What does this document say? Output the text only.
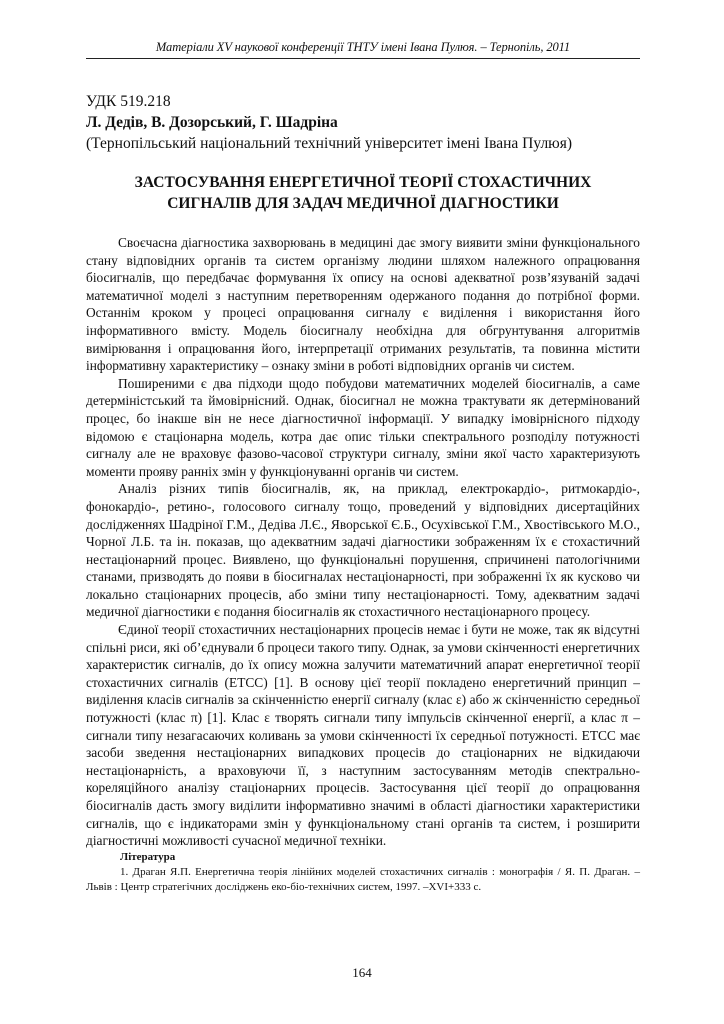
Матеріали XV наукової конференції ТНТУ імені Івана Пулюя. – Тернопіль, 2011
УДК 519.218
Л. Дедів, В. Дозорський, Г. Шадріна
(Тернопільський національний технічний університет імені Івана Пулюя)
ЗАСТОСУВАННЯ ЕНЕРГЕТИЧНОЇ ТЕОРІЇ СТОХАСТИЧНИХ СИГНАЛІВ ДЛЯ ЗАДАЧ МЕДИЧНОЇ ДІАГНОСТИКИ

Своєчасна діагностика захворювань в медицині дає змогу виявити зміни функціонального стану відповідних органів та систем організму людини шляхом належного опрацювання біосигналів, що передбачає формування їх опису на основі адекватної розв’язуваній задачі математичної моделі з наступним перетворенням одержаного подання до потрібної форми. Останнім кроком у процесі опрацювання сигналу є виділення і використання його інформативного вмісту. Модель біосигналу необхідна для обгрунтування алгоритмів вимірювання і опрацювання його, інтерпретації отриманих результатів, та повинна містити інформативну характеристику – ознаку зміни в роботі відповідних органів чи систем.

Поширеними є два підходи щодо побудови математичних моделей біосигналів, а саме детерміністський та ймовірнісний. Однак, біосигнал не можна трактувати як детермінований процес, бо інакше він не несе діагностичної інформації. У випадку імовірнісного підходу відомою є стаціонарна модель, котра дає опис тільки спектрального розподілу потужності сигналу але не враховує фазово-часової структури сигналу, зміни якої часто характеризують моменти прояву ранніх змін у функціонуванні органів чи систем.

Аналіз різних типів біосигналів, як, на приклад, електрокардіо-, ритмокардіо-, фонокардіо-, ретино-, голосового сигналу тощо, проведений у відповідних дисертаційних дослідженнях Шадріної Г.М., Дедіва Л.Є., Яворської Є.Б., Осухівської Г.М., Хвостівського М.О., Чорної Л.Б. та ін. показав, що адекватним задачі діагностики зображенням їх є стохастичний нестаціонарний процес. Виявлено, що функціональні порушення, спричинені патологічними станами, призводять до появи в біосигналах нестаціонарності, при зображенні їх як кусково чи локально стаціонарних процесів, або зміни типу нестаціонарності. Тому, адекватним задачі медичної діагностики є подання біосигналів як стохастичного нестаціонарного процесу.

Єдиної теорії стохастичних нестаціонарних процесів немає і бути не може, так як відсутні спільні риси, які об’єднували б процеси такого типу. Однак, за умови скінченності енергетичних характеристик сигналів, до їх опису можна залучити математичний апарат енергетичної теорії стохастичних сигналів (ЕТСС) [1]. В основу цієї теорії покладено енергетичний принцип – виділення класів сигналів за скінченністю енергії сигналу (клас ε) або ж скінченністю середньої потужності (клас π) [1]. Клас ε творять сигнали типу імпульсів скінченної енергії, а клас π – сигнали типу незагасаючих коливань за умови скінченності їх середньої потужності. ЕТСС має засоби зведення нестаціонарних випадкових процесів до стаціонарних не відкидаючи нестаціонарність, а враховуючи її, з наступним застосуванням методів спектрально-кореляційного аналізу стаціонарних процесів. Застосування цієї теорії до опрацювання біосигналів дасть змогу виділити інформативно значимі в області діагностики характеристики сигналів, що є індикаторами змін у функціональному стані органів та систем, і розширити діагностичні можливості сучасної медичної техніки.

Література
1. Драган Я.П. Енергетична теорія лінійних моделей стохастичних сигналів : монографія / Я. П. Драган. – Львів : Центр стратегічних досліджень еко-біо-технічних систем, 1997. –XVI+333 с.
164
